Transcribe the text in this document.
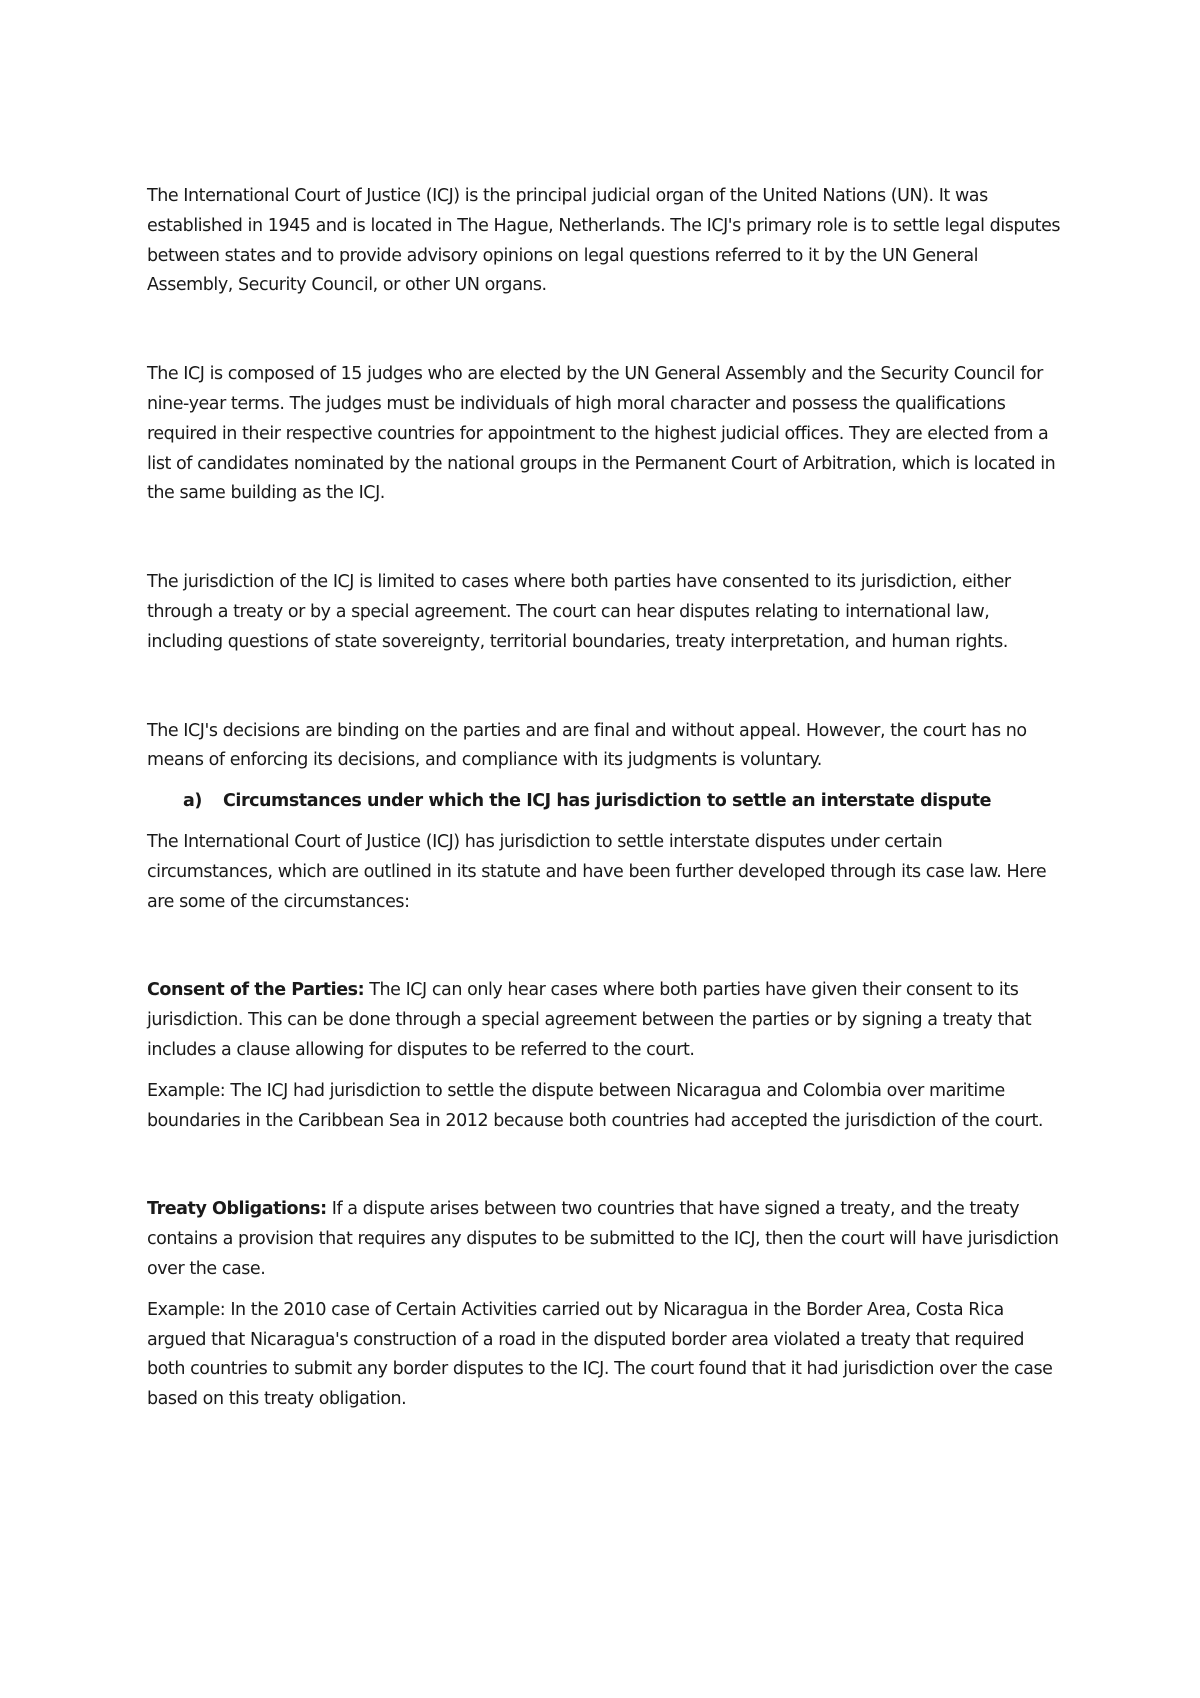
The International Court of Justice (ICJ) is the principal judicial organ of the United Nations (UN). It was established in 1945 and is located in The Hague, Netherlands. The ICJ's primary role is to settle legal disputes between states and to provide advisory opinions on legal questions referred to it by the UN General Assembly, Security Council, or other UN organs.

The ICJ is composed of 15 judges who are elected by the UN General Assembly and the Security Council for nine-year terms. The judges must be individuals of high moral character and possess the qualifications required in their respective countries for appointment to the highest judicial offices. They are elected from a list of candidates nominated by the national groups in the Permanent Court of Arbitration, which is located in the same building as the ICJ.

The jurisdiction of the ICJ is limited to cases where both parties have consented to its jurisdiction, either through a treaty or by a special agreement. The court can hear disputes relating to international law, including questions of state sovereignty, territorial boundaries, treaty interpretation, and human rights.

The ICJ's decisions are binding on the parties and are final and without appeal. However, the court has no means of enforcing its decisions, and compliance with its judgments is voluntary.

a) Circumstances under which the ICJ has jurisdiction to settle an interstate dispute

The International Court of Justice (ICJ) has jurisdiction to settle interstate disputes under certain circumstances, which are outlined in its statute and have been further developed through its case law. Here are some of the circumstances:

Consent of the Parties: The ICJ can only hear cases where both parties have given their consent to its jurisdiction. This can be done through a special agreement between the parties or by signing a treaty that includes a clause allowing for disputes to be referred to the court.

Example: The ICJ had jurisdiction to settle the dispute between Nicaragua and Colombia over maritime boundaries in the Caribbean Sea in 2012 because both countries had accepted the jurisdiction of the court.

Treaty Obligations: If a dispute arises between two countries that have signed a treaty, and the treaty contains a provision that requires any disputes to be submitted to the ICJ, then the court will have jurisdiction over the case.

Example: In the 2010 case of Certain Activities carried out by Nicaragua in the Border Area, Costa Rica argued that Nicaragua's construction of a road in the disputed border area violated a treaty that required both countries to submit any border disputes to the ICJ. The court found that it had jurisdiction over the case based on this treaty obligation.
